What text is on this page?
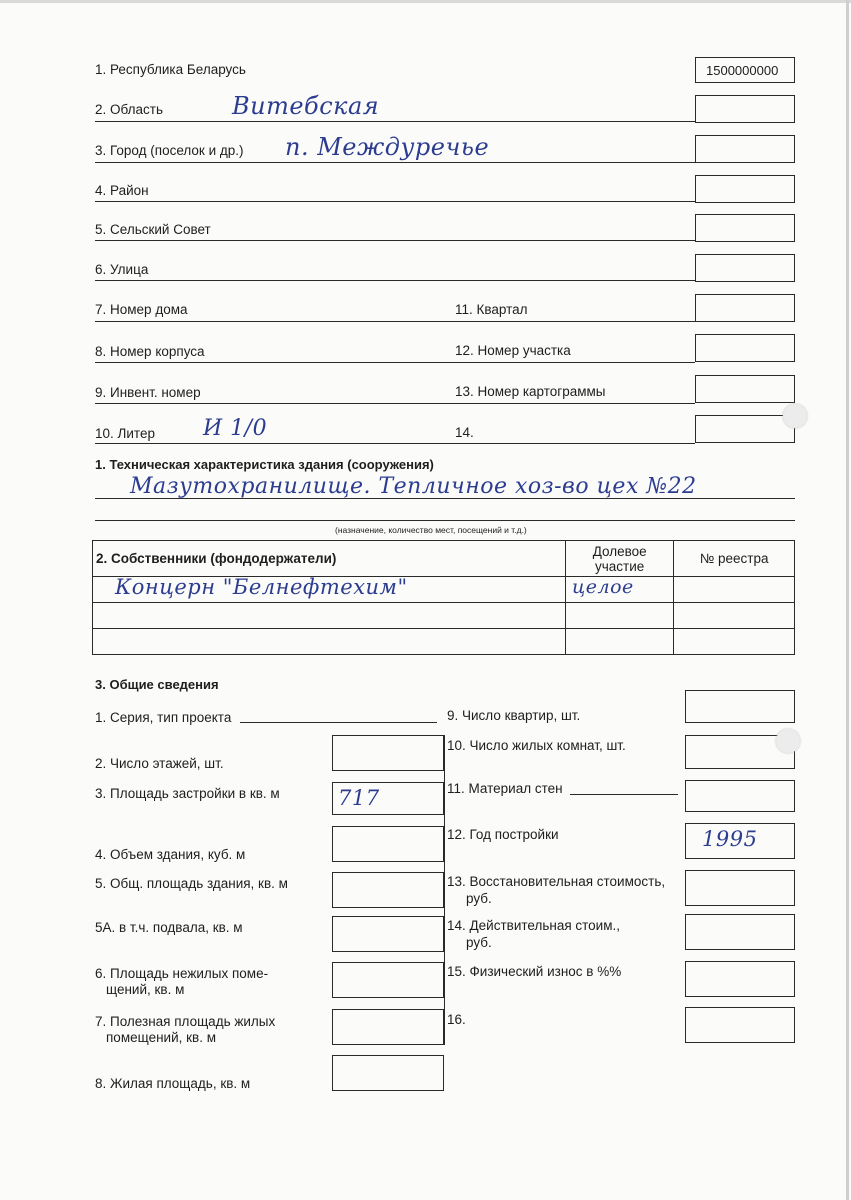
1. Республика Беларусь	1500000000
2. Область	Витебская
3. Город (поселок и др.) п. Междуречье
4. Район
5. Сельский Совет
6. Улица
7. Номер дома	11. Квартал
8. Номер корпуса	12. Номер участка
9. Инвент. номер	13. Номер картограммы
10. Литер И 1/0	14.
1. Техническая характеристика здания (сооружения)
Мазутохранилище. Тепличное хоз-во цех №22
(назначение, количество мест, посещений и т.д.)
2. Собственники (фондодержатели)	Долевое участие	№ реестра
Концерн "Белнефтехим"	целое	

3. Общие сведения
1. Серия, тип проекта
2. Число этажей, шт.
3. Площадь застройки в кв. м	717
4. Объем здания, куб. м
5. Общ. площадь здания, кв. м
5А. в т.ч. подвала, кв. м
6. Площадь нежилых поме-
щений, кв. м
7. Полезная площадь жилых
помещений, кв. м
8. Жилая площадь, кв. м
9. Число квартир, шт.
10. Число жилых комнат, шт.
11. Материал стен
12. Год постройки	1995
13. Восстановительная стоимость,
руб.
14. Действительная стоим.,
руб.
15. Физический износ в %%
16.
